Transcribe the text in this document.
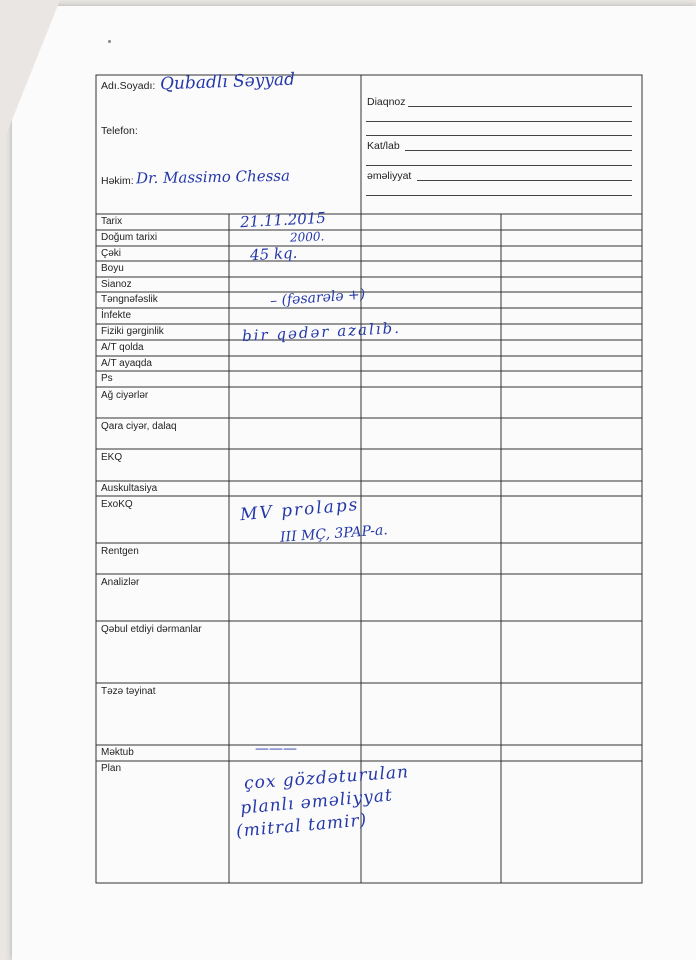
Adı.Soyadı: Qubadlı Səyyad
Telefon:
Həkim: Dr. Massimo Chessa
Diaqnoz
Kat/lab
əməliyyat
Tarix
Doğum tarixi
Çəki
Boyu
Sianoz
Təngnəfəslik
İnfekte
Fiziki gərginlik
A/T qolda
A/T ayaqda
Ps
Ağ ciyərlər
Qara ciyər, dalaq
EKQ
Auskultasiya
ExoKQ
Rentgen
Analizlər
Qəbul etdiyi dərmanlar
Təzə təyinat
Məktub
Plan
21.11.2015
2000.
45 kq.
– (fəsarələ +)
bir qədər azalıb.
MV prolaps
III MÇ, 3PAP-a.
———
çox gözdəturulan
planlı əməliyyat
(mitral tamir)
